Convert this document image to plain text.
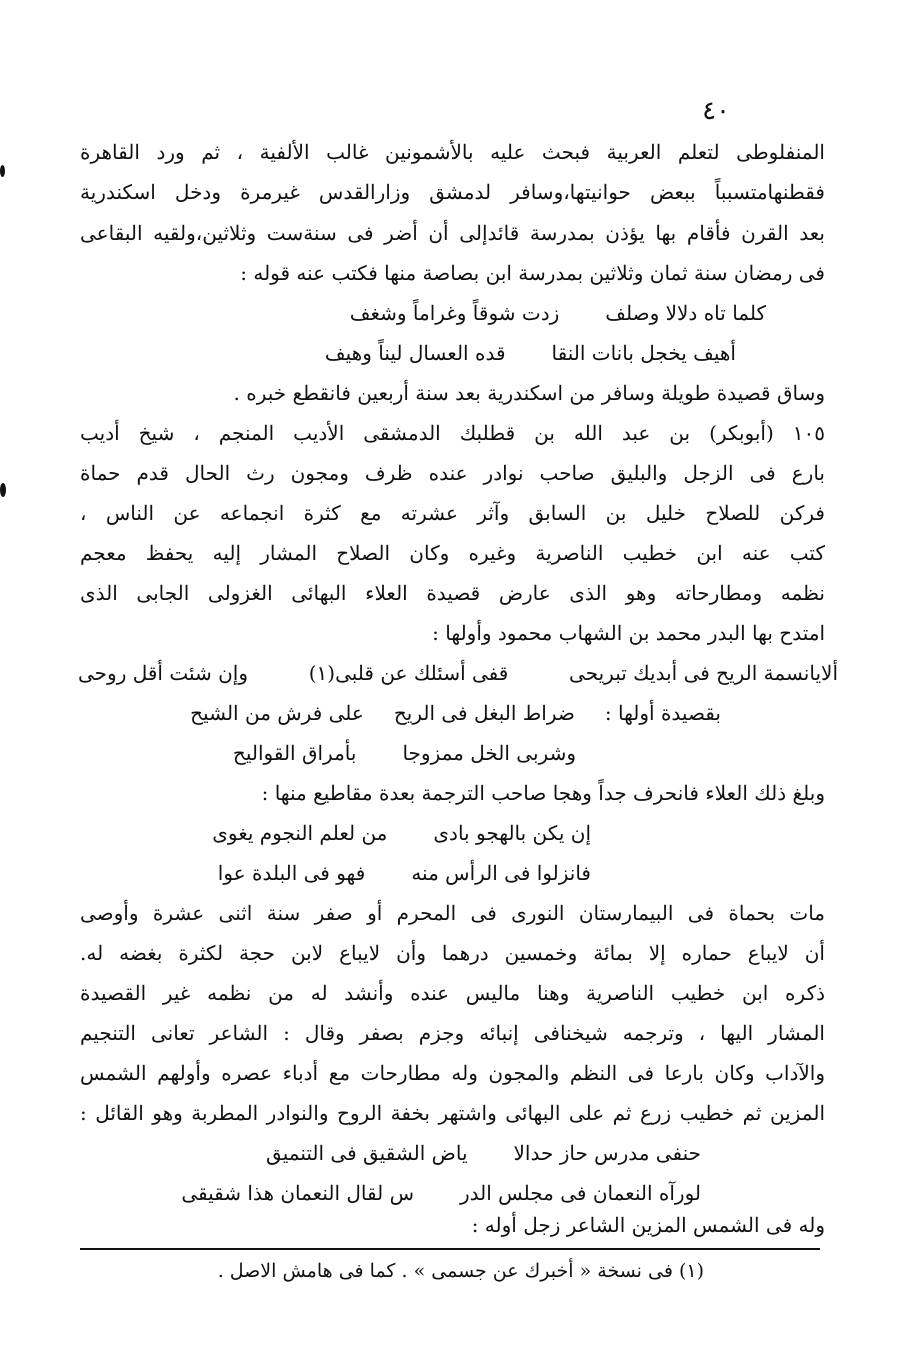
٤٠
المنفلوطى لتعلم العربية فبحث عليه بالأشمونين غالب الألفية ، ثم ورد القاهرة
فقطنهامتسبباً ببعض حوانيتها،وسافر لدمشق وزارالقدس غيرمرة ودخل اسكندرية
بعد القرن فأقام بها يؤذن بمدرسة قائدإلى أن أضر فى سنةست وثلاثين،ولقيه البقاعى
فى رمضان سنة ثمان وثلاثين بمدرسة ابن بصاصة منها فكتب عنه قوله :
كلما تاه دلالا وصلف
زدت شوقاً وغراماً وشغف
أهيف يخجل بانات النقا
قده العسال ليناً وهيف
وساق قصيدة طويلة وسافر من اسكندرية بعد سنة أربعين فانقطع خبره .
١٠٥ (أبوبكر) بن عبد الله بن قطلبك الدمشقى الأديب المنجم ، شيخ أديب
بارع فى الزجل والبليق صاحب نوادر عنده ظرف ومجون رث الحال قدم حماة
فركن للصلاح خليل بن السابق وآثر عشرته مع كثرة انجماعه عن الناس ،
كتب عنه ابن خطيب الناصرية وغيره وكان الصلاح المشار إليه يحفظ معجم
نظمه ومطارحاته وهو الذى عارض قصيدة العلاء البهائى الغزولى الجابى الذى
امتدح بها البدر محمد بن الشهاب محمود وأولها :
ألايانسمة الريح فى أبديك تبريحى
قفى أسئلك عن قلبى(١)
وإن شئت أقل روحى
بقصيدة أولها :
ضراط البغل فى الريح
على فرش من الشيح
وشربى الخل ممزوجا
بأمراق القواليح
وبلغ ذلك العلاء فانحرف جداً وهجا صاحب الترجمة بعدة مقاطيع منها :
إن يكن بالهجو بادى
من لعلم النجوم يغوى
فانزلوا فى الرأس منه
فهو فى البلدة عوا
مات بحماة فى البيمارستان النورى فى المحرم أو صفر سنة اثنى عشرة وأوصى
أن لايباع حماره إلا بمائة وخمسين درهما وأن لايباع لابن حجة لكثرة بغضه له.
ذكره ابن خطيب الناصرية وهنا ماليس عنده وأنشد له من نظمه غير القصيدة
المشار اليها ، وترجمه شيخنافى إنبائه وجزم بصفر وقال : الشاعر تعانى التنجيم
والآداب وكان بارعا فى النظم والمجون وله مطارحات مع أدباء عصره وأولهم الشمس
المزين ثم خطيب زرع ثم على البهائى واشتهر بخفة الروح والنوادر المطربة وهو القائل :
حنفى مدرس حاز حدالا
ياض الشقيق فى التنميق
لورآه النعمان فى مجلس الدر
س لقال النعمان هذا شقيقى
وله فى الشمس المزين الشاعر زجل أوله :
(١) فى نسخة « أخبرك عن جسمى » . كما فى هامش الاصل .
